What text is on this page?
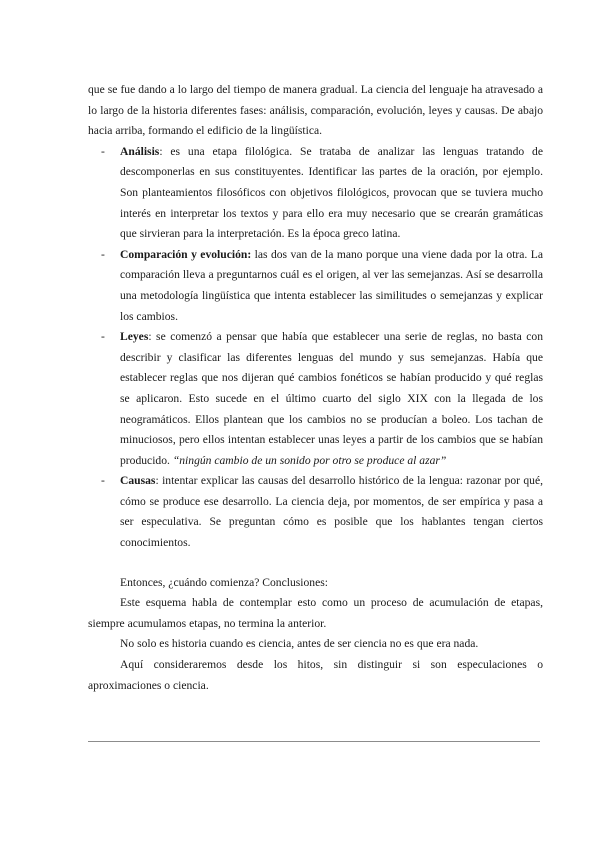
que se fue dando a lo largo del tiempo de manera gradual. La ciencia del lenguaje ha atravesado a lo largo de la historia diferentes fases: análisis, comparación, evolución, leyes y causas. De abajo hacia arriba, formando el edificio de la lingüística.

- Análisis: es una etapa filológica. Se trataba de analizar las lenguas tratando de descomponerlas en sus constituyentes. Identificar las partes de la oración, por ejemplo. Son planteamientos filosóficos con objetivos filológicos, provocan que se tuviera mucho interés en interpretar los textos y para ello era muy necesario que se crearán gramáticas que sirvieran para la interpretación. Es la época greco latina.
- Comparación y evolución: las dos van de la mano porque una viene dada por la otra. La comparación lleva a preguntarnos cuál es el origen, al ver las semejanzas. Así se desarrolla una metodología lingüística que intenta establecer las similitudes o semejanzas y explicar los cambios.
- Leyes: se comenzó a pensar que había que establecer una serie de reglas, no basta con describir y clasificar las diferentes lenguas del mundo y sus semejanzas. Había que establecer reglas que nos dijeran qué cambios fonéticos se habían producido y qué reglas se aplicaron. Esto sucede en el último cuarto del siglo XIX con la llegada de los neogramáticos. Ellos plantean que los cambios no se producían a boleo. Los tachan de minuciosos, pero ellos intentan establecer unas leyes a partir de los cambios que se habían producido. “ningún cambio de un sonido por otro se produce al azar”
- Causas: intentar explicar las causas del desarrollo histórico de la lengua: razonar por qué, cómo se produce ese desarrollo. La ciencia deja, por momentos, de ser empírica y pasa a ser especulativa. Se preguntan cómo es posible que los hablantes tengan ciertos conocimientos.

Entonces, ¿cuándo comienza? Conclusiones:

Este esquema habla de contemplar esto como un proceso de acumulación de etapas, siempre acumulamos etapas, no termina la anterior.

No solo es historia cuando es ciencia, antes de ser ciencia no es que era nada.

Aquí consideraremos desde los hitos, sin distinguir si son especulaciones o aproximaciones o ciencia.
